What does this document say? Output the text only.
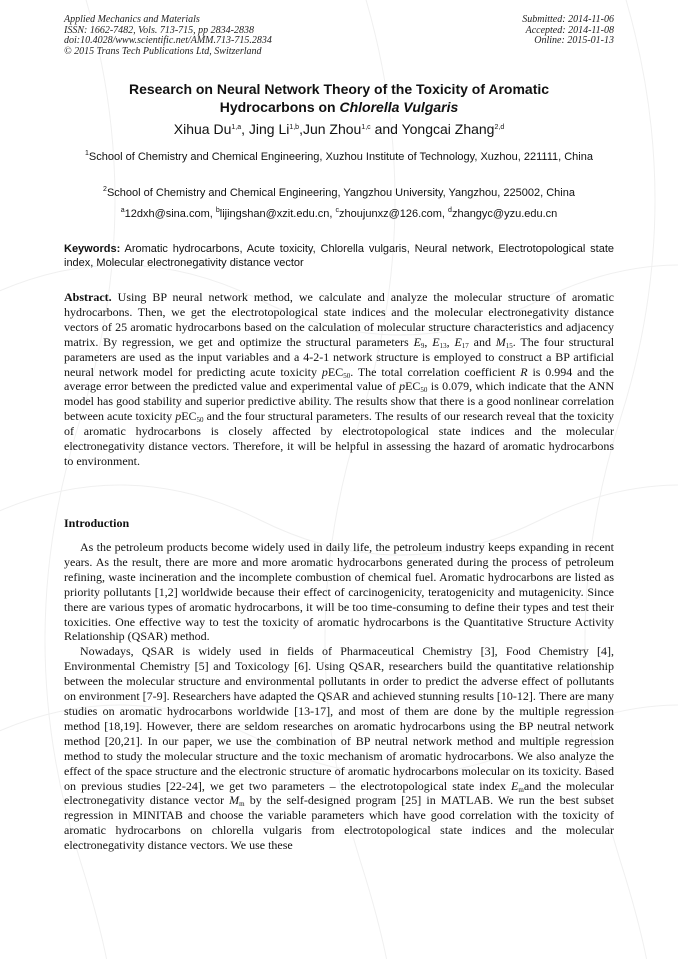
Applied Mechanics and Materials
ISSN: 1662-7482, Vols. 713-715, pp 2834-2838
doi:10.4028/www.scientific.net/AMM.713-715.2834
© 2015 Trans Tech Publications Ltd, Switzerland
Submitted: 2014-11-06
Accepted: 2014-11-08
Online: 2015-01-13
Research on Neural Network Theory of the Toxicity of Aromatic
Hydrocarbons on Chlorella Vulgaris
Xihua Du$^{1,a}$, Jing Li$^{1,b}$,Jun Zhou$^{1,c}$ and Yongcai Zhang$^{2,d}$
$^1$School of Chemistry and Chemical Engineering, Xuzhou Institute of Technology, Xuzhou, 221111, China
$^2$School of Chemistry and Chemical Engineering, Yangzhou University, Yangzhou, 225002, China
$^a$12dxh@sina.com, $^b$lijingshan@xzit.edu.cn, $^c$zhoujunxz@126.com, $^d$zhangyc@yzu.edu.cn
Keywords: Aromatic hydrocarbons, Acute toxicity, Chlorella vulgaris, Neural network, Electrotopological state index, Molecular electronegativity distance vector
Abstract. Using BP neural network method, we calculate and analyze the molecular structure of aromatic hydrocarbons. Then, we get the electrotopological state indices and the molecular electronegativity distance vectors of 25 aromatic hydrocarbons based on the calculation of molecular structure characteristics and adjacency matrix. By regression, we get and optimize the structural parameters $E_9$, $E_{13}$, $E_{17}$ and $M_{15}$. The four structural parameters are used as the input variables and a 4-2-1 network structure is employed to construct a BP artificial neural network model for predicting acute toxicity pEC$_{50}$. The total correlation coefficient R is 0.994 and the average error between the predicted value and experimental value of pEC$_{50}$ is 0.079, which indicate that the ANN model has good stability and superior predictive ability. The results show that there is a good nonlinear correlation between acute toxicity pEC$_{50}$ and the four structural parameters. The results of our research reveal that the toxicity of aromatic hydrocarbons is closely affected by electrotopological state indices and the molecular electronegativity distance vectors. Therefore, it will be helpful in assessing the hazard of aromatic hydrocarbons to environment.
Introduction

As the petroleum products become widely used in daily life, the petroleum industry keeps expanding in recent years. As the result, there are more and more aromatic hydrocarbons generated during the process of petroleum refining, waste incineration and the incomplete combustion of chemical fuel. Aromatic hydrocarbons are listed as priority pollutants [1,2] worldwide because their effect of carcinogenicity, teratogenicity and mutagenicity. Since there are various types of aromatic hydrocarbons, it will be too time-consuming to define their types and test their toxicities. One effective way to test the toxicity of aromatic hydrocarbons is the Quantitative Structure Activity Relationship (QSAR) method.

Nowadays, QSAR is widely used in fields of Pharmaceutical Chemistry [3], Food Chemistry [4], Environmental Chemistry [5] and Toxicology [6]. Using QSAR, researchers build the quantitative relationship between the molecular structure and environmental pollutants in order to predict the adverse effect of pollutants on environment [7-9]. Researchers have adapted the QSAR and achieved stunning results [10-12]. There are many studies on aromatic hydrocarbons worldwide [13-17], and most of them are done by the multiple regression method [18,19]. However, there are seldom researches on aromatic hydrocarbons using the BP neutral network method [20,21]. In our paper, we use the combination of BP neutral network method and multiple regression method to study the molecular structure and the toxic mechanism of aromatic hydrocarbons. We also analyze the effect of the space structure and the electronic structure of aromatic hydrocarbons molecular on its toxicity. Based on previous studies [22-24], we get two parameters – the electrotopological state index $E_mand$ the molecular electronegativity distance vector $M_m$ by the self-designed program [25] in MATLAB. We run the best subset regression in MINITAB and choose the variable parameters which have good correlation with the toxicity of aromatic hydrocarbons on chlorella vulgaris from electrotopological state indices and the molecular electronegativity distance vectors. We use these
